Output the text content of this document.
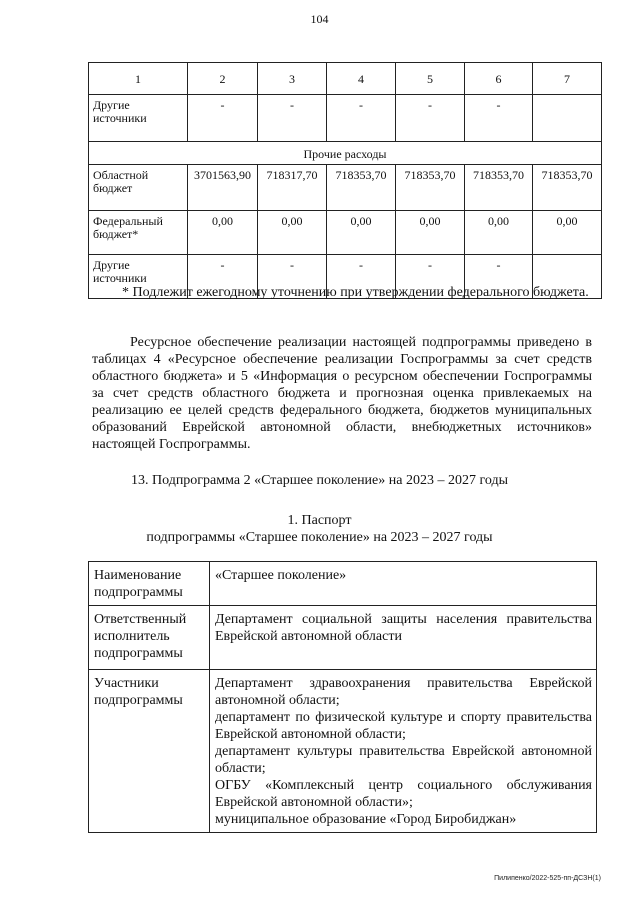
104
1	2	3	4	5	6	7
Другие источники	-	-	-	-	-	
Прочие расходы						
Областной бюджет	3701563,90	718317,70	718353,70	718353,70	718353,70	718353,70
Федеральный бюджет*	0,00	0,00	0,00	0,00	0,00	0,00
Другие источники	-	-	-	-	-	

* Подлежит ежегодному уточнению при утверждении федерального бюджета.

Ресурсное обеспечение реализации настоящей подпрограммы приведено в таблицах 4 «Ресурсное обеспечение реализации Госпрограммы за счет средств областного бюджета» и 5 «Информация о ресурсном обеспечении Госпрограммы за счет средств областного бюджета и прогнозная оценка привлекаемых на реализацию ее целей средств федерального бюджета, бюджетов муниципальных образований Еврейской автономной области, внебюджетных источников» настоящей Госпрограммы.

13. Подпрограмма 2 «Старшее поколение» на 2023 – 2027 годы
1. Паспорт
подпрограммы «Старшее поколение» на 2023 – 2027 годы
Наименование подпрограммы	«Старшее поколение»
Ответственный исполнитель подпрограммы	Департамент социальной защиты населения правительства Еврейской автономной области
Участники подпрограммы	Департамент здравоохранения правительства Еврейской автономной области;
департамент по физической культуре и спорту правительства Еврейской автономной области;
департамент культуры правительства Еврейской автономной области;
ОГБУ «Комплексный центр социального обслуживания Еврейской автономной области»;
муниципальное образование «Город Биробиджан»
Пилипенко/2022-525-пп-ДСЗН(1)
